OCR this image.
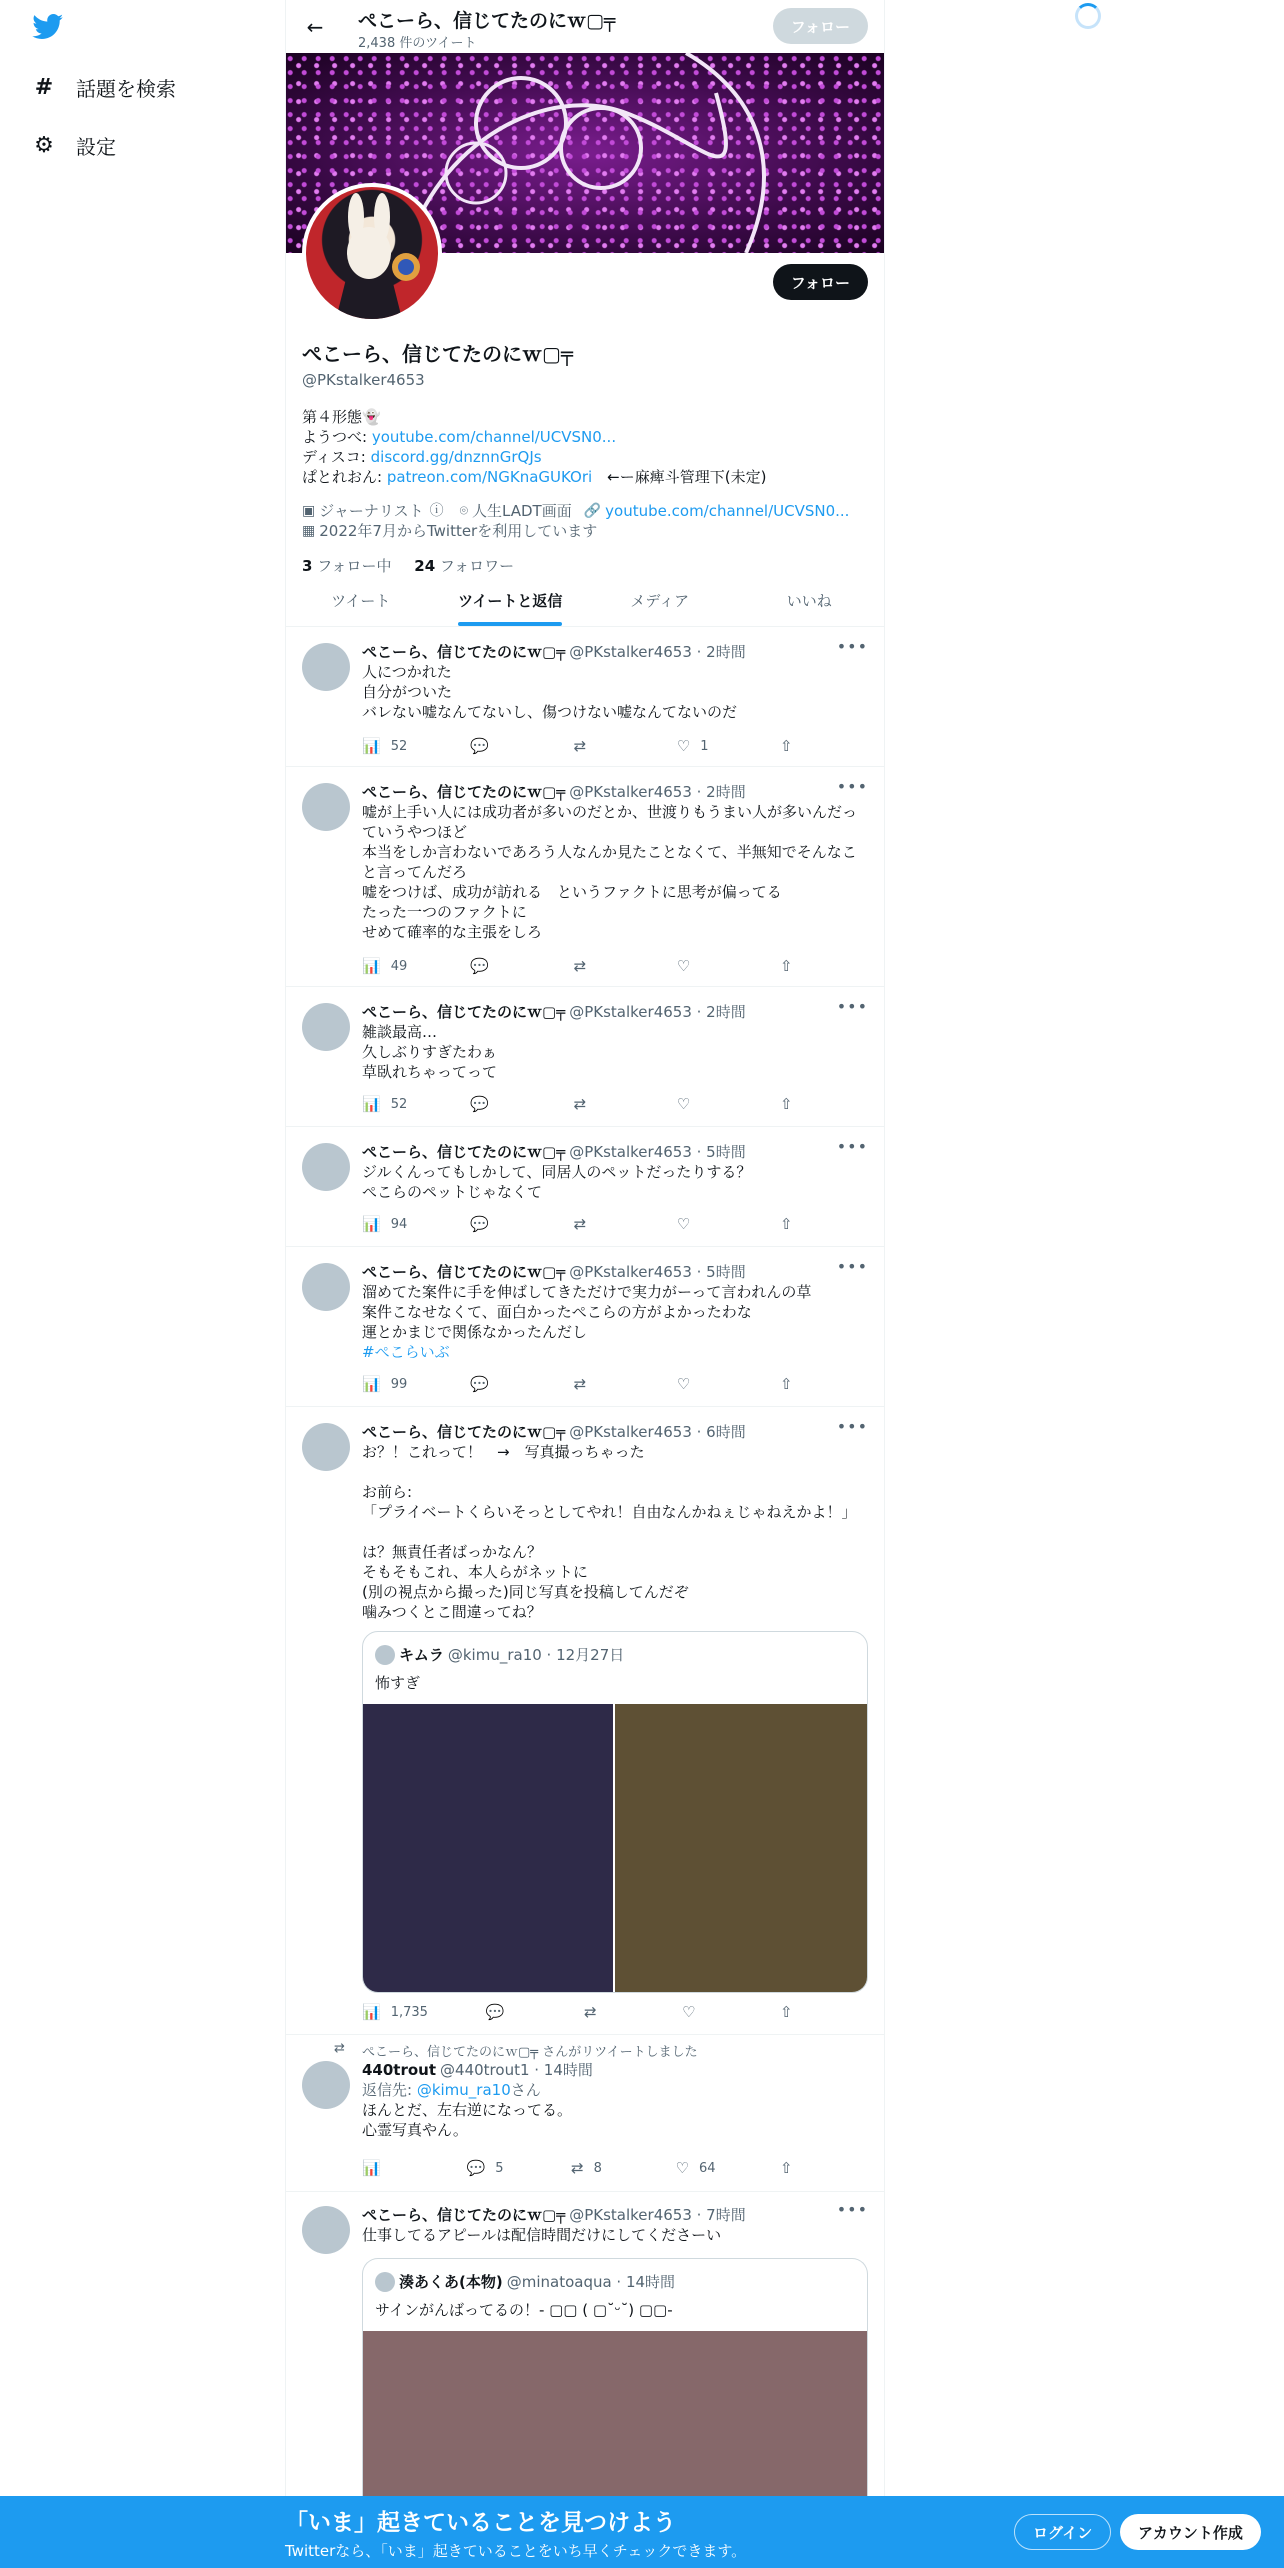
# 話題を検索
⚙ 設定
←	ぺこーら、信じてたのにｗ▢╤
2,438 件のツイート
フォロー
フォロー
ぺこーら、信じてたのにｗ▢╤
@PKstalker4653
第４形態👻
ようつべ: youtube.com/channel/UCVSN0...
ディスコ: discord.gg/dnznnGrQJs
ぱとれおん: patreon.com/NGKnaGUKOri　←ー麻痺斗管理下(未定)
▣ ジャーナリスト ⓘ ⌾ 人生LADT画面 🔗 youtube.com/channel/UCVSN0...
▦ 2022年7月からTwitterを利用しています
3 フォロー中 24 フォロワー
ツイート	ツイートと返信	メディア	いいね
•••
ぺこーら、信じてたのにｗ▢╤ @PKstalker4653 · 2時間
人につかれた
自分がついた
バレない嘘なんてないし、傷つけない嘘なんてないのだ
📊 52	💬	⇄	♡ 1	⇧
•••
ぺこーら、信じてたのにｗ▢╤ @PKstalker4653 · 2時間
嘘が上手い人には成功者が多いのだとか、世渡りもうまい人が多いんだっていうやつほど
本当をしか言わないであろう人なんか見たことなくて、半無知でそんなこと言ってんだろ
嘘をつけば、成功が訪れる　というファクトに思考が偏ってる
たった一つのファクトに
せめて確率的な主張をしろ
📊 49	💬	⇄	♡	⇧
•••
ぺこーら、信じてたのにｗ▢╤ @PKstalker4653 · 2時間
雑談最高…
久しぶりすぎたわぁ
草臥れちゃってって
📊 52	💬	⇄	♡	⇧
•••
ぺこーら、信じてたのにｗ▢╤ @PKstalker4653 · 5時間
ジルくんってもしかして、同居人のペットだったりする？
ぺこらのペットじゃなくて
📊 94	💬	⇄	♡	⇧
•••
ぺこーら、信じてたのにｗ▢╤ @PKstalker4653 · 5時間
溜めてた案件に手を伸ばしてきただけで実力がーって言われんの草
案件こなせなくて、面白かったぺこらの方がよかったわな
運とかまじで関係なかったんだし
#ぺこらいぶ
📊 99	💬	⇄	♡	⇧
•••
ぺこーら、信じてたのにｗ▢╤ @PKstalker4653 · 6時間
お？！これって！　→　写真撮っちゃった

お前ら:
「プライベートくらいそっとしてやれ！自由なんかねぇじゃねえかよ！」

は？無責任者ばっかなん？
そもそもこれ、本人らがネットに
(別の視点から撮った)同じ写真を投稿してんだぞ
噛みつくとこ間違ってね？
キムラ @kimu_ra10 · 12月27日
怖すぎ
📊 1,735	💬	⇄	♡	⇧
⇄ ぺこーら、信じてたのにｗ▢╤ さんがリツイートしました
440trout @440trout1 · 14時間
返信先: @kimu_ra10さん
ほんとだ、左右逆になってる。
心霊写真やん。
📊	💬 5	⇄ 8	♡ 64	⇧
•••
ぺこーら、信じてたのにｗ▢╤ @PKstalker4653 · 7時間
仕事してるアピールは配信時間だけにしてくださーい
湊あくあ(本物) @minatoaqua · 14時間
サインがんばってるの！- ▢▢ ( ▢˘ᵕ˘) ▢▢-
「いま」起きていることを見つけよう
Twitterなら、「いま」起きていることをいち早くチェックできます。
ログイン	アカウント作成
